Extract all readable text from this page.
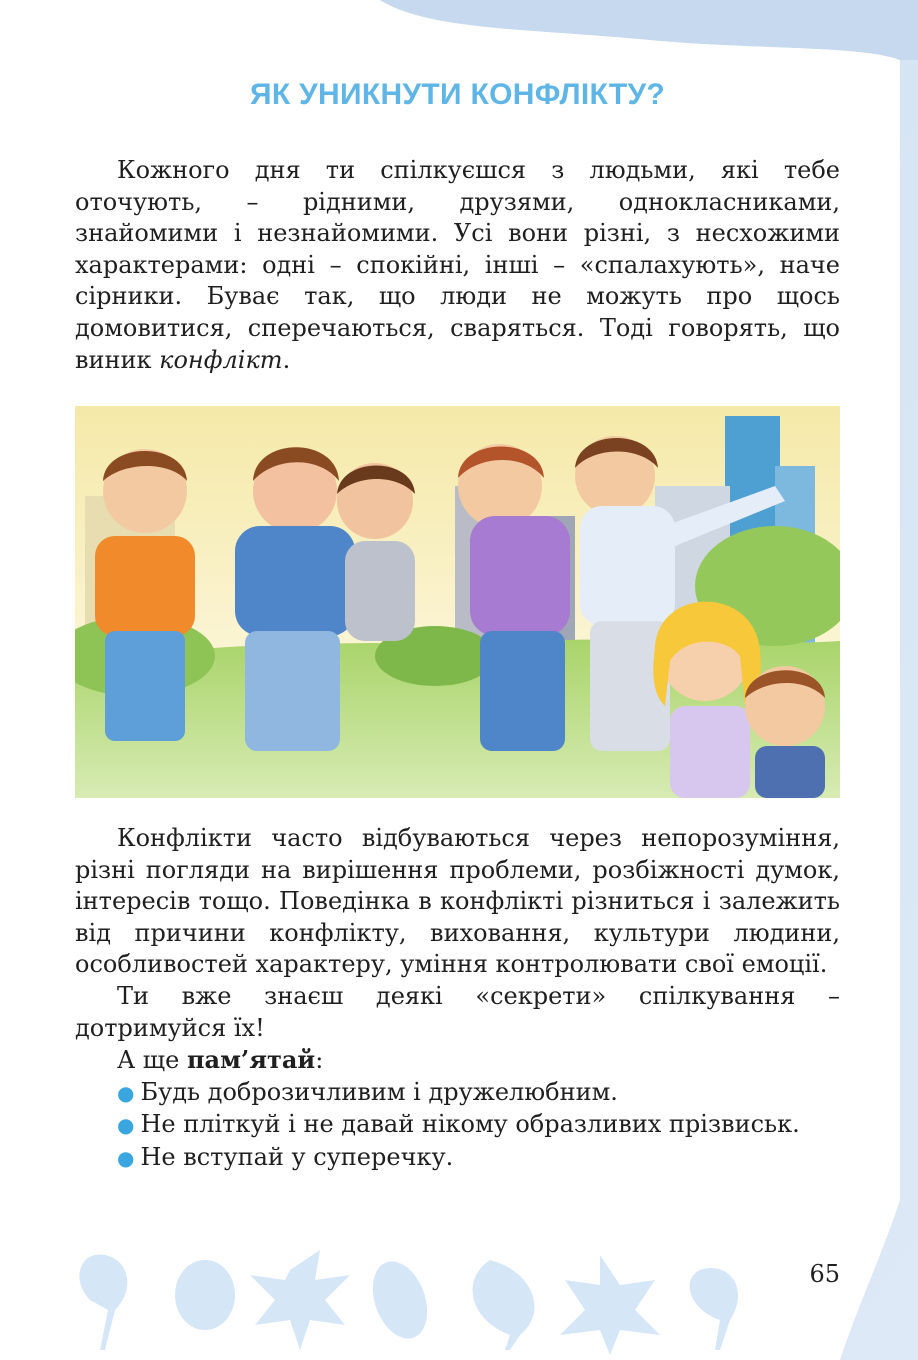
ЯК УНИКНУТИ КОНФЛІКТУ?

Кожного дня ти спілкуєшся з людьми, які тебе оточують, – рідними, друзями, однокласниками, знайомими і незнайомими. Усі вони різні, з несхожими характерами: одні – спокійні, інші – «спалахують», наче сірники. Буває так, що люди не можуть про щось домовитися, сперечаються, сваряться. Тоді говорять, що виник конфлікт.

Конфлікти часто відбуваються через непорозуміння, різні погляди на вирішення проблеми, розбіжності думок, інтересів тощо. Поведінка в конфлікті різниться і залежить від причини конфлікту, виховання, культури людини, особливостей характеру, уміння контролювати свої емоції.

Ти вже знаєш деякі «секрети» спілкування – дотримуйся їх!

А ще пам’ятай:

● Будь доброзичливим і дружелюбним.

● Не пліткуй і не давай нікому образливих прізвиськ.

● Не вступай у суперечку.

65
